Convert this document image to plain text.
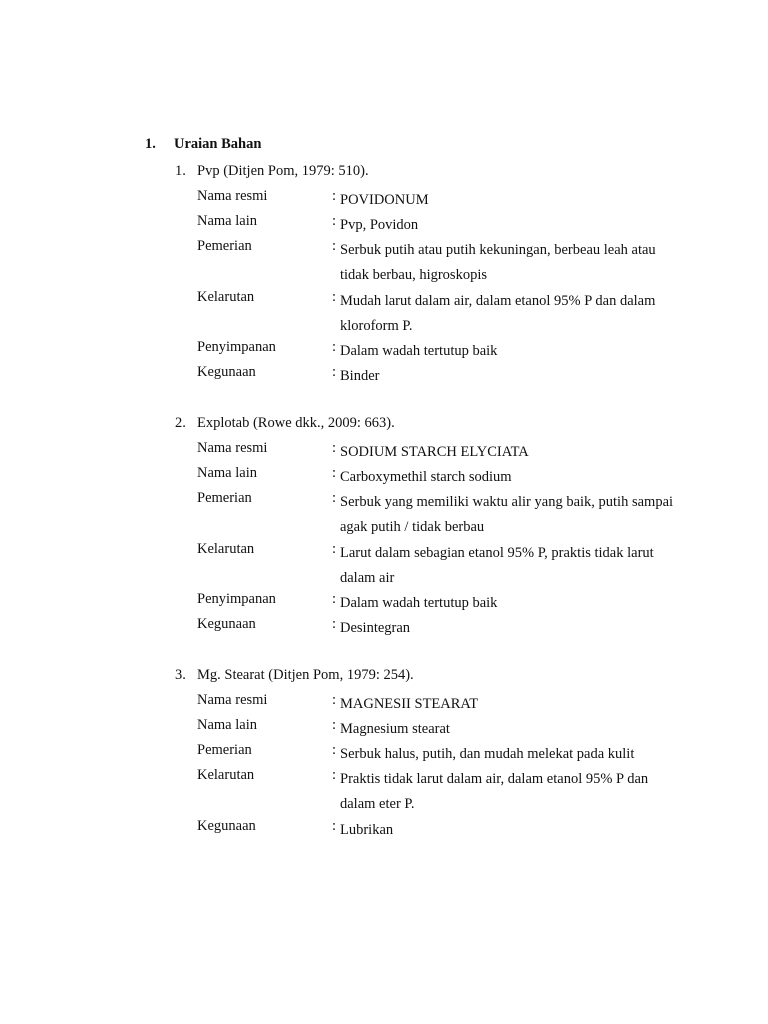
1. Uraian Bahan
1. Pvp (Ditjen Pom, 1979: 510).
Nama resmi	: POVIDONUM
Nama lain	: Pvp, Povidon
Pemerian	: Serbuk putih atau putih kekuningan, berbeau leah atau tidak berbau, higroskopis
Kelarutan	: Mudah larut dalam air, dalam etanol 95% P dan dalam kloroform P.
Penyimpanan	: Dalam wadah tertutup baik
Kegunaan	: Binder
2. Explotab (Rowe dkk., 2009: 663).
Nama resmi	: SODIUM STARCH ELYCIATA
Nama lain	: Carboxymethil starch sodium
Pemerian	: Serbuk yang memiliki waktu alir yang baik, putih sampai agak putih / tidak berbau
Kelarutan	: Larut dalam sebagian etanol 95% P, praktis tidak larut dalam air
Penyimpanan	: Dalam wadah tertutup baik
Kegunaan	: Desintegran
3. Mg. Stearat (Ditjen Pom, 1979: 254).
Nama resmi	: MAGNESII STEARAT
Nama lain	: Magnesium stearat
Pemerian	: Serbuk halus, putih, dan mudah melekat pada kulit
Kelarutan	: Praktis tidak larut dalam air, dalam etanol 95% P dan dalam eter P.
Kegunaan	: Lubrikan
